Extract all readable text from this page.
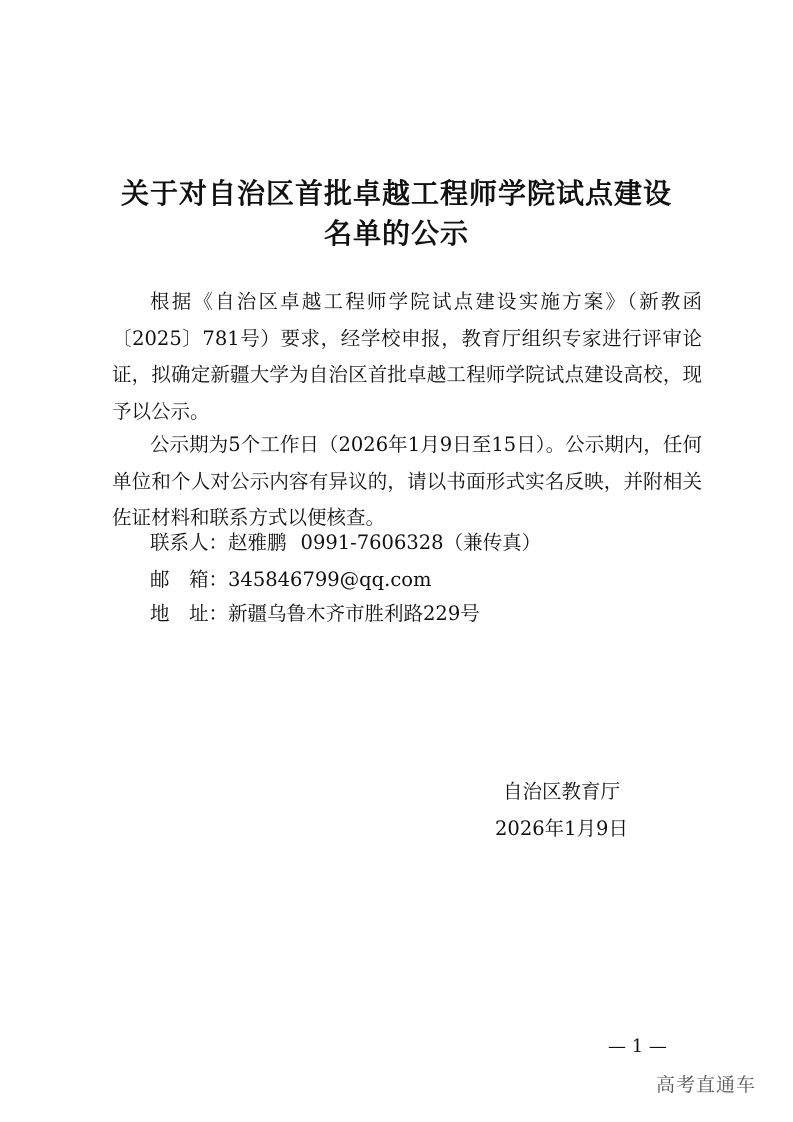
关于对自治区首批卓越工程师学院试点建设
名单的公示

根据《自治区卓越工程师学院试点建设实施方案》（新教函〔2025〕781号）要求，经学校申报，教育厅组织专家进行评审论证，拟确定新疆大学为自治区首批卓越工程师学院试点建设高校，现予以公示。

公示期为5个工作日（2026年1月9日至15日）。公示期内，任何单位和个人对公示内容有异议的，请以书面形式实名反映，并附相关佐证材料和联系方式以便核查。

联系人：赵雅鹏 0991-7606328（兼传真）
邮　箱：345846799@qq.com
地　址：新疆乌鲁木齐市胜利路229号
自治区教育厅
2026年1月9日
— 1 —
高考直通车
